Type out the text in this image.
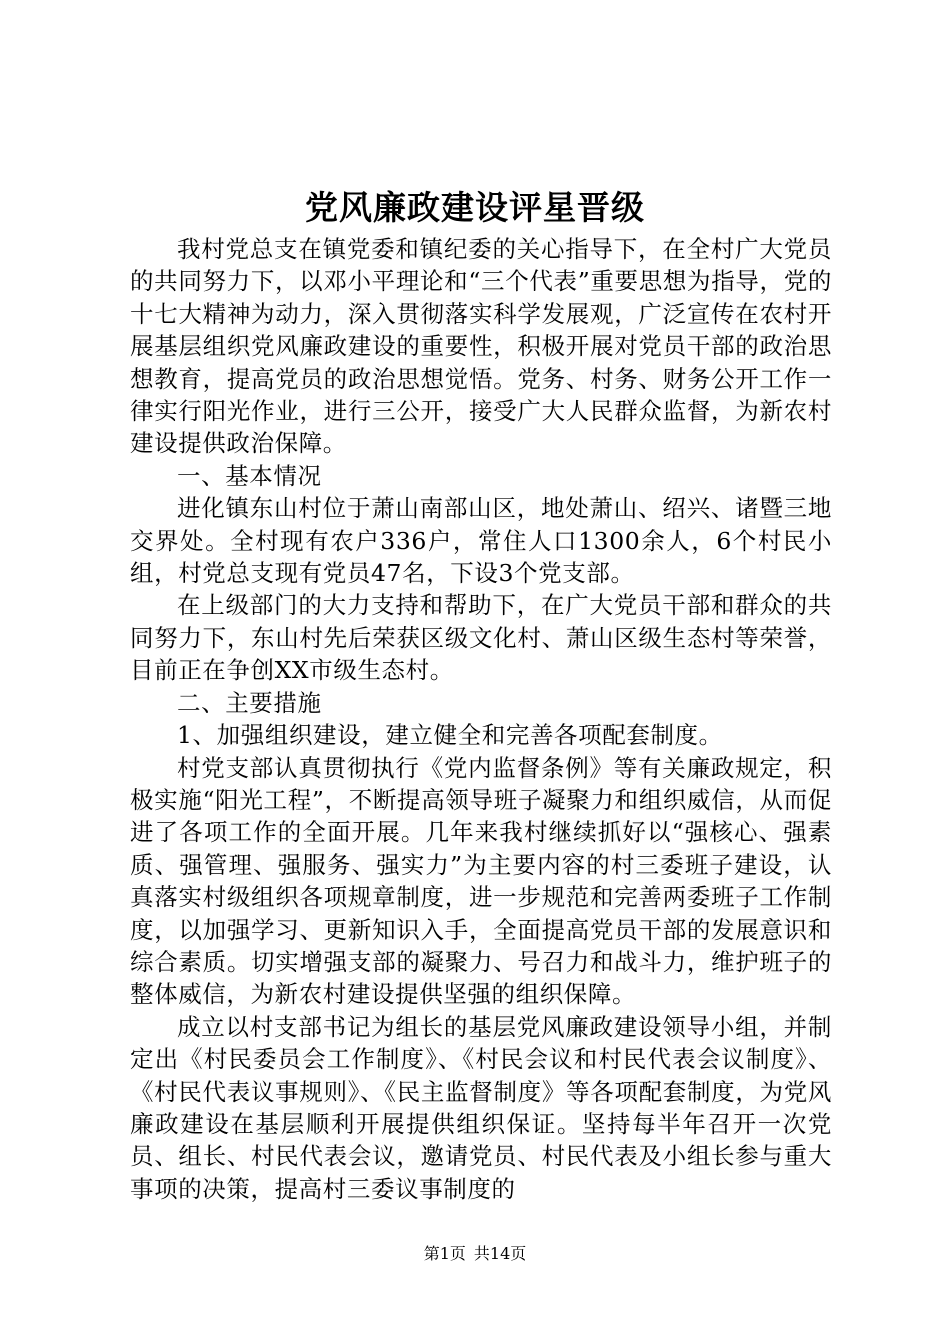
党风廉政建设评星晋级

我村党总支在镇党委和镇纪委的关心指导下，在全村广大党员的共同努力下，以邓小平理论和“三个代表”重要思想为指导，党的十七大精神为动力，深入贯彻落实科学发展观，广泛宣传在农村开展基层组织党风廉政建设的重要性，积极开展对党员干部的政治思想教育，提高党员的政治思想觉悟。党务、村务、财务公开工作一律实行阳光作业，进行三公开，接受广大人民群众监督，为新农村建设提供政治保障。

一、基本情况

进化镇东山村位于萧山南部山区，地处萧山、绍兴、诸暨三地交界处。全村现有农户336户，常住人口1300余人，6个村民小组，村党总支现有党员47名，下设3个党支部。

在上级部门的大力支持和帮助下，在广大党员干部和群众的共同努力下，东山村先后荣获区级文化村、萧山区级生态村等荣誉，目前正在争创XX市级生态村。

二、主要措施

1、加强组织建设，建立健全和完善各项配套制度。

村党支部认真贯彻执行《党内监督条例》等有关廉政规定，积极实施“阳光工程”，不断提高领导班子凝聚力和组织威信，从而促进了各项工作的全面开展。几年来我村继续抓好以“强核心、强素质、强管理、强服务、强实力”为主要内容的村三委班子建设，认真落实村级组织各项规章制度，进一步规范和完善两委班子工作制度，以加强学习、更新知识入手，全面提高党员干部的发展意识和综合素质。切实增强支部的凝聚力、号召力和战斗力，维护班子的整体威信，为新农村建设提供坚强的组织保障。

成立以村支部书记为组长的基层党风廉政建设领导小组，并制定出《村民委员会工作制度》、《村民会议和村民代表会议制度》、《村民代表议事规则》、《民主监督制度》等各项配套制度，为党风廉政建设在基层顺利开展提供组织保证。坚持每半年召开一次党员、组长、村民代表会议，邀请党员、村民代表及小组长参与重大事项的决策，提高村三委议事制度的

第1页 共14页
